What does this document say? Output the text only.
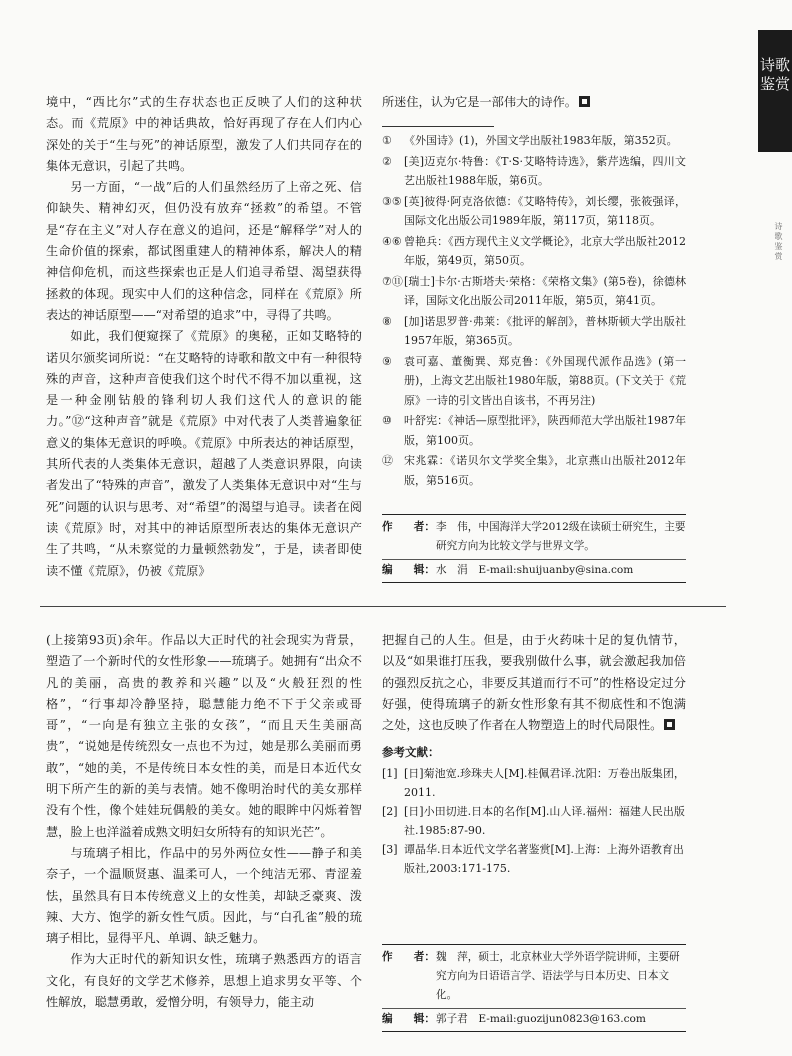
诗歌鉴赏
诗歌鉴赏

境中，“西比尔”式的生存状态也正反映了人们的这种状态。而《荒原》中的神话典故，恰好再现了存在人们内心深处的关于“生与死”的神话原型，激发了人们共同存在的集体无意识，引起了共鸣。

另一方面，“一战”后的人们虽然经历了上帝之死、信仰缺失、精神幻灭，但仍没有放弃“拯救”的希望。不管是“存在主义”对人存在意义的追问，还是“解释学”对人的生命价值的探索，都试图重建人的精神体系，解决人的精神信仰危机，而这些探索也正是人们追寻希望、渴望获得拯救的体现。现实中人们的这种信念，同样在《荒原》所表达的神话原型——“对希望的追求”中，寻得了共鸣。

如此，我们便窥探了《荒原》的奥秘，正如艾略特的诺贝尔颁奖词所说：“在艾略特的诗歌和散文中有一种很特殊的声音，这种声音使我们这个时代不得不加以重视，这是一种金刚钻般的锋利切人我们这代人的意识的能力。”⑫“这种声音”就是《荒原》中对代表了人类普遍象征意义的集体无意识的呼唤。《荒原》中所表达的神话原型，其所代表的人类集体无意识，超越了人类意识界限，向读者发出了“特殊的声音”，激发了人类集体无意识中对“生与死”问题的认识与思考、对“希望”的渴望与追寻。读者在阅读《荒原》时，对其中的神话原型所表达的集体无意识产生了共鸣，“从未察觉的力量顿然勃发”，于是，读者即使读不懂《荒原》，仍被《荒原》

所迷住，认为它是一部伟大的诗作。
①	《外国诗》(1)，外国文学出版社1983年版，第352页。
②	[美]迈克尔·特鲁：《T·S·艾略特诗选》，紫芹选编，四川文艺出版社1988年版，第6页。
③⑤ [英]彼得·阿克洛依德：《艾略特传》，刘长缨，张筱强译，国际文化出版公司1989年版，第117页，第118页。
④⑥ 曾艳兵：《西方现代主义文学概论》，北京大学出版社2012年版，第49页，第50页。
⑦⑪ [瑞士]卡尔·古斯塔夫·荣格：《荣格文集》(第5卷)，徐德林译，国际文化出版公司2011年版，第5页，第41页。
⑧	[加]诺思罗普·弗莱：《批评的解剖》，普林斯顿大学出版社1957年版，第365页。
⑨	袁可嘉、董衡巽、郑克鲁：《外国现代派作品选》(第一册)，上海文艺出版社1980年版，第88页。(下文关于《荒原》一诗的引文皆出自该书，不再另注)
⑩	叶舒宪：《神话—原型批评》，陕西师范大学出版社1987年版，第100页。
⑫	宋兆霖：《诺贝尔文学奖全集》，北京燕山出版社2012年版，第516页。
作　　者： 李　伟，中国海洋大学2012级在读硕士研究生，主要研究方向为比较文学与世界文学。
编　　辑： 水　涓　E-mail:shuijuanby@sina.com

(上接第93页)余年。作品以大正时代的社会现实为背景，塑造了一个新时代的女性形象——琉璃子。她拥有“出众不凡的美丽，高贵的教养和兴趣”以及“火般狂烈的性格”，“行事却冷静坚持，聪慧能力绝不下于父亲或哥哥”，“一向是有独立主张的女孩”，“而且天生美丽高贵”，“说她是传统烈女一点也不为过，她是那么美丽而勇敢”，“她的美，不是传统日本女性的美，而是日本近代女明下所产生的新的美与表情。她不像明治时代的美女那样没有个性，像个娃娃玩偶般的美女。她的眼眸中闪烁着智慧，脸上也洋溢着成熟文明妇女所特有的知识光芒”。

与琉璃子相比，作品中的另外两位女性——静子和美奈子，一个温顺贤惠、温柔可人，一个纯洁无邪、青涩羞怯，虽然具有日本传统意义上的女性美，却缺乏豪爽、泼辣、大方、饱学的新女性气质。因此，与“白孔雀”般的琉璃子相比，显得平凡、单调、缺乏魅力。

作为大正时代的新知识女性，琉璃子熟悉西方的语言文化，有良好的文学艺术修养，思想上追求男女平等、个性解放，聪慧勇敢，爱憎分明，有领导力，能主动

把握自己的人生。但是，由于火药味十足的复仇情节，以及“如果谁打压我，要我别做什么事，就会激起我加倍的强烈反抗之心，非要反其道而行不可”的性格设定过分好强，使得琉璃子的新女性形象有其不彻底性和不饱满之处，这也反映了作者在人物塑造上的时代局限性。
参考文献：
[1] [日]菊池宽.珍珠夫人[M].桂佩君译.沈阳：万卷出版集团，2011.
[2] [日]小田切进.日本的名作[M].山人译.福州：福建人民出版社.1985:87-90.
[3] 谭晶华.日本近代文学名著鉴赏[M].上海：上海外语教育出版社,2003:171-175.
作　　者： 魏　萍，硕士，北京林业大学外语学院讲师，主要研究方向为日语语言学、语法学与日本历史、日本文化。
编　　辑： 郭子君　E-mail:guozijun0823@163.com
